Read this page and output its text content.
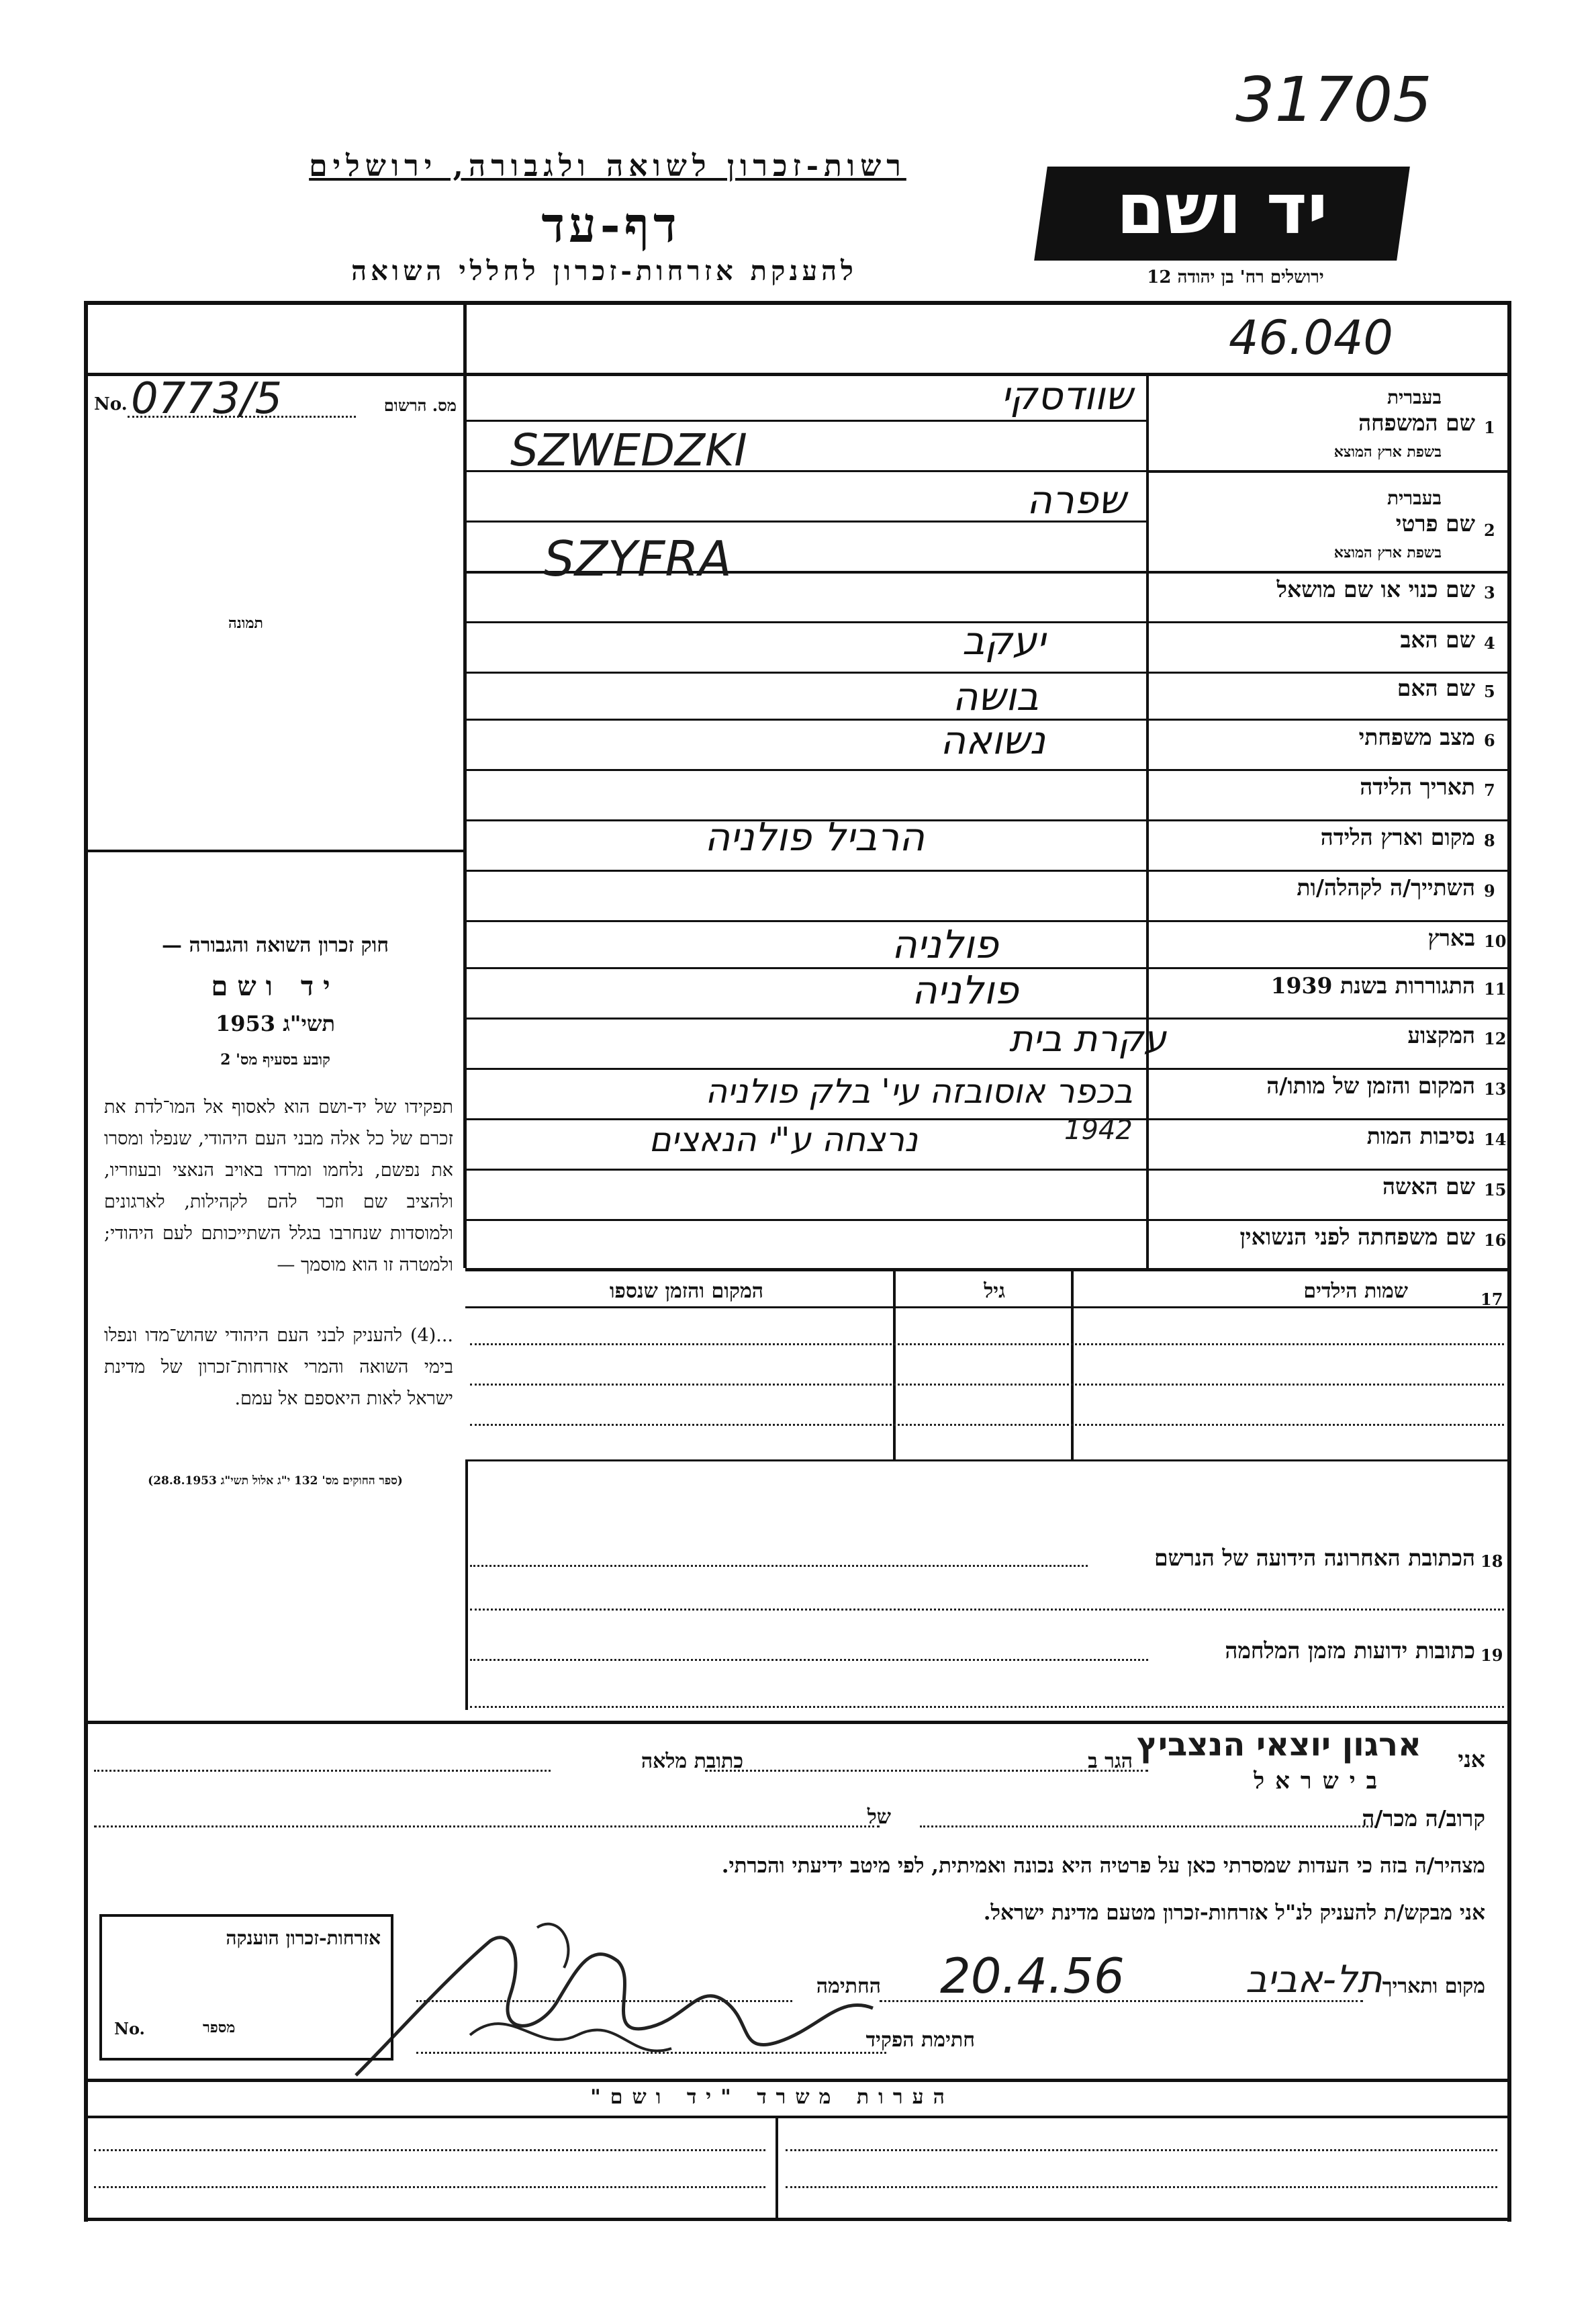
31705
רשות-זכרון לשואה ולגבורה, ירושלים
דף-עד
להענקת אזרחות-זכרון לחללי השואה
יד ושם
ירושלים רח' בן יהודה 12
46.040
No. 0773/5	מס. הרשום
תמונה
חוק זכרון השואה והגבורה —
יד ושם
תשי"ג 1953
קובע בסעיף מס' 2
תפקידו של יד-ושם הוא לאסוף אל המו־לדת את זכרם של כל אלה מבני העם היהודי, שנפלו ומסרו את נפשם, נלחמו ומרדו באויב הנאצי ובעוזריו, ולהציב שם וזכר להם לקהילות, לארגונים ולמוסדות שנחרבו בגלל השתייכותם לעם היהודי; ולמטרה זו הוא מוסמך —
...(4) להעניק לבני העם היהודי שהוש־מדו ונפלו בימי השואה והמרי אזרחות־זכרון של מדינת ישראל לאות היאספם אל עמם.
(ספר החוקים מס' 132 י"ג אלול תשי"ג 28.8.1953)
1
שם המשפחה
בעברית
בשפת ארץ המוצא
שוודסקי
SZWEDZKI
2
שם פרטי
בעברית
בשפת ארץ המוצא
שפרה
SZYFRA
3
שם כנוי או שם מושאל
4
שם האב
יעקב
5
שם האם
בושה
6
מצב משפחתי
נשואה
7
תאריך הלידה
8
מקום וארץ הלידה
הרביל פולניה
9
השתייך/ה לקהלה/ות
10
בארץ
פולניה
11
התגוררות בשנת 1939
פולניה
12
המקצוע
עקרת בית
13
המקום והזמן של מותו/ה
בכפר אוסובזה עי' בלק פולניה
14
נסיבות המות
1942
נרצחה ע"י הנאצים
15
שם האשה
16
שם משפחתה לפני הנשואין
17
שמות הילדים
גיל
המקום והזמן שנספו
18
הכתובת האחרונה הידועה של הנרשם
19
כתובות ידועות מזמן המלחמה
אני
ארגון יוצאי הנצביץ
בישראל
הגר ב
כתובת מלאה
קרוב/ה מכר/ה
של
מצהיר/ה בזה כי העדות שמסרתי כאן על פרטיה היא נכונה ואמיתית, לפי מיטב ידיעתי והכרתי.
אני מבקש/ת להעניק לנ"ל אזרחות-זכרון מטעם מדינת ישראל.
מקום ותאריך
תל-אביב
20.4.56
החתימה
חתימת הפקיד
אזרחות-זכרון הוענקה
No.	מספר
הערות משרד "יד ושם"
